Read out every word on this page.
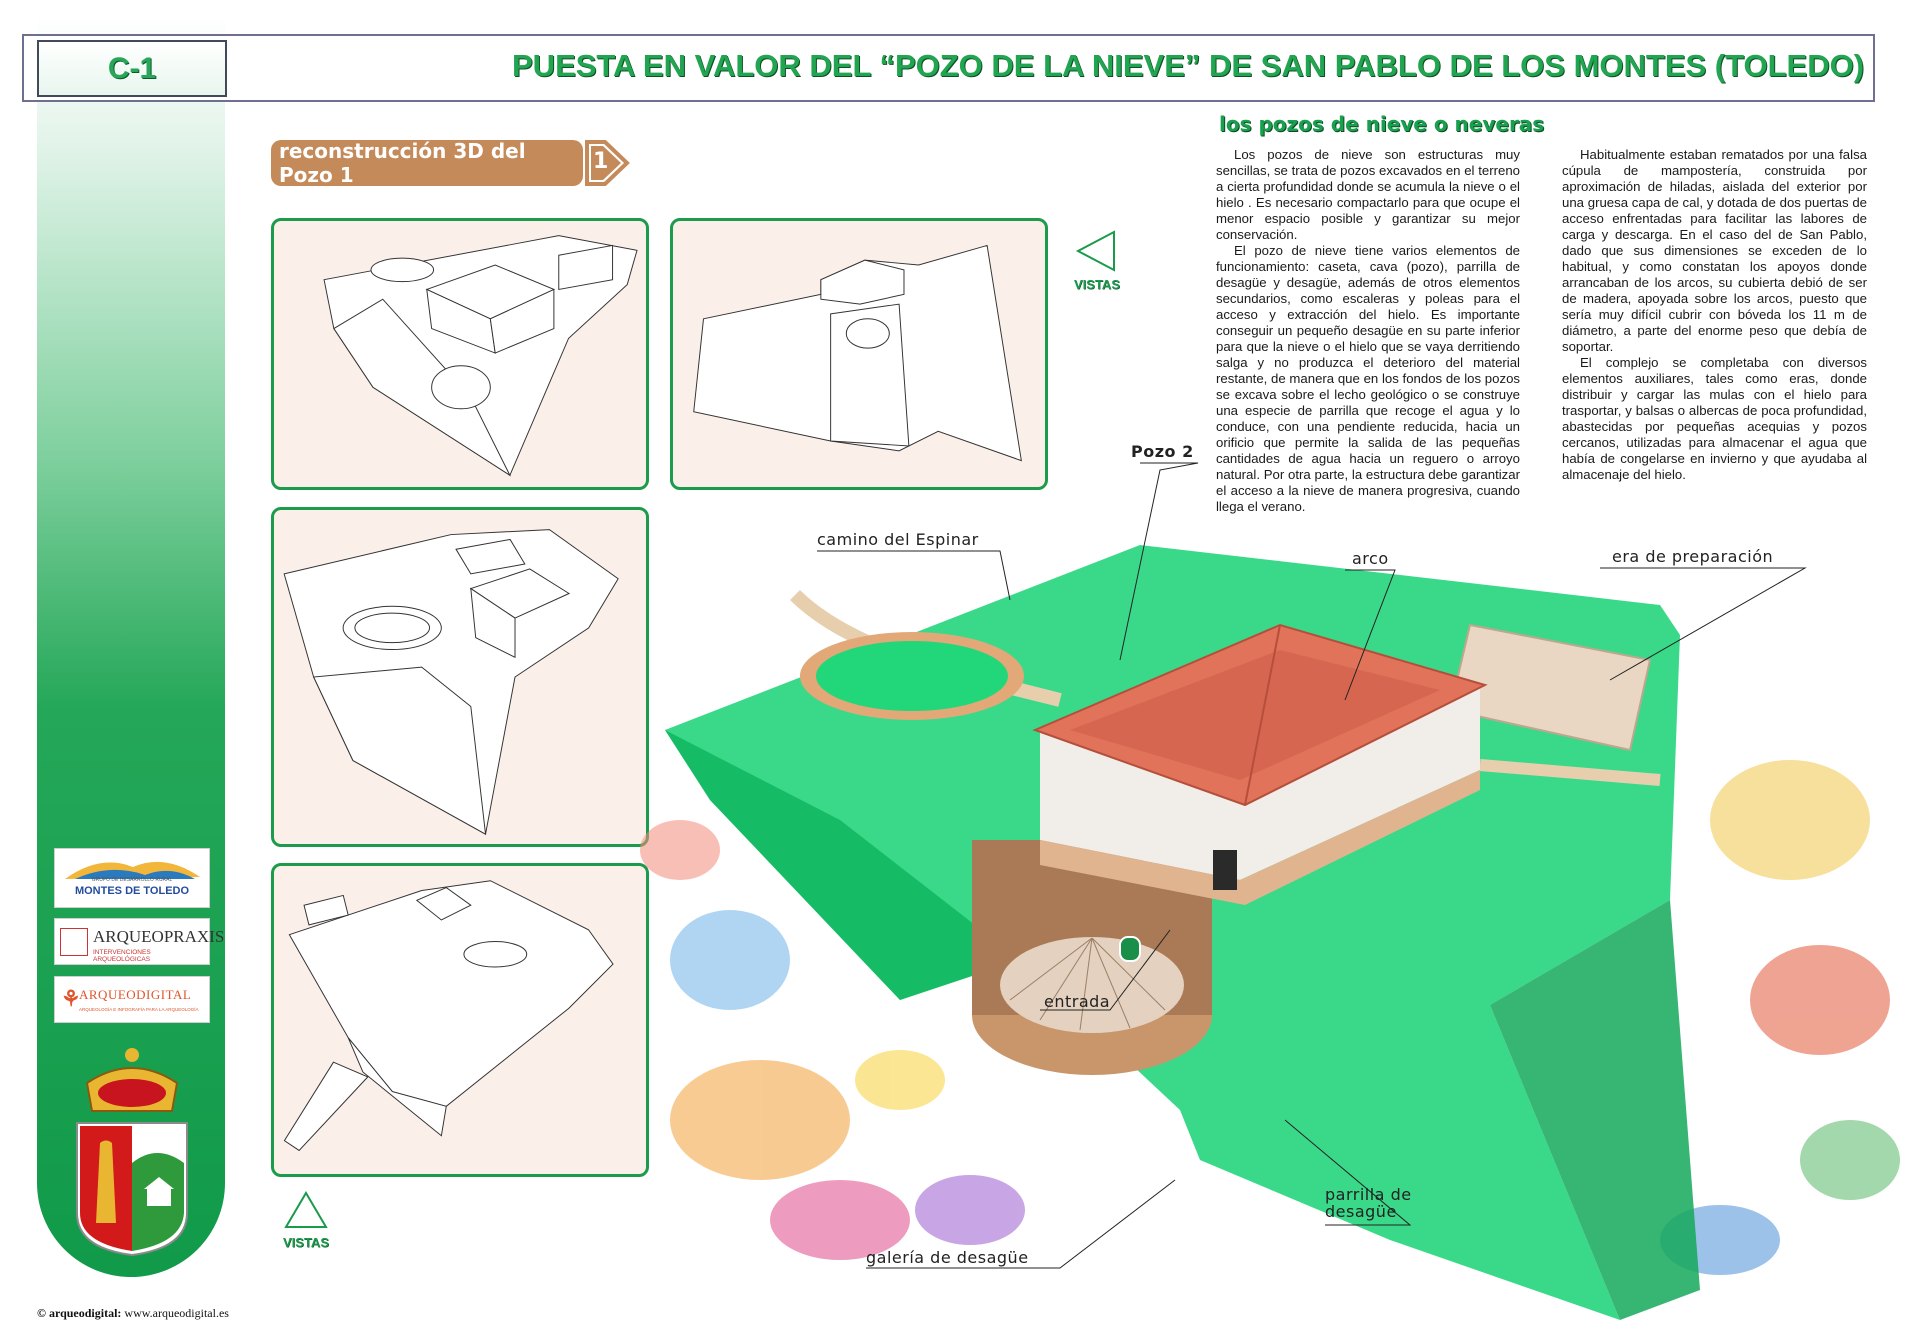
C-1	PUESTA EN VALOR DEL “POZO DE LA NIEVE” DE SAN PABLO DE LOS MONTES (TOLEDO)
reconstrucción 3D del Pozo 1
1
VISTAS
VISTAS
los pozos de nieve o neveras

Los pozos de nieve son estructuras muy sencillas, se trata de pozos excavados en el terreno a cierta profundidad donde se acumula la nieve o el hielo . Es necesario compactarlo para que ocupe el menor espacio posible y garantizar su mejor conservación.

El pozo de nieve tiene varios elementos de funcionamiento: caseta, cava (pozo), parrilla de desagüe y desagüe, además de otros elementos secundarios, como escaleras y poleas para el acceso y extracción del hielo. Es importante conseguir un pequeño desagüe en su parte inferior para que la nieve o el hielo que se vaya derritiendo salga y no produzca el deterioro del material restante, de manera que en los fondos de los pozos se excava sobre el lecho geológico o se construye una especie de parrilla que recoge el agua y lo conduce, con una pendiente reducida, hacia un orificio que permite la salida de las pequeñas cantidades de agua hacia un reguero o arroyo natural. Por otra parte, la estructura debe garantizar el acceso a la nieve de manera progresiva, cuando llega el verano.

Habitualmente estaban rematados por una falsa cúpula de mampostería, construida por aproximación de hiladas, aislada del exterior por una gruesa capa de cal, y dotada de dos puertas de acceso enfrentadas para facilitar las labores de carga y descarga. En el caso del de San Pablo, dado que sus dimensiones se exceden de lo habitual, y como constatan los apoyos donde arrancaban de los arcos, su cubierta debió de ser de madera, apoyada sobre los arcos, puesto que sería muy difícil cubrir con bóveda los 11 m de diámetro, a parte del enorme peso que debía de soportar.

El complejo se completaba con diversos elementos auxiliares, tales como eras, donde distribuir y cargar las mulas con el hielo para trasportar, y balsas o albercas de poca profundidad, abastecidas por pequeñas acequias y pozos cercanos, utilizadas para almacenar el agua que había de congelarse en invierno y que ayudaba al almacenaje del hielo.

Pozo 2
camino del Espinar
arco	era de preparación
entrada
parrilla de
desagüe
galería de desagüe
GRUPO DE DESARROLLO RURAL
MONTES DE TOLEDO
ARQUEOPRAXIS
INTERVENCIONES ARQUEOLÓGICAS
⚘
ARQUEODIGITAL
ARQUEOLOGÍA E INFOGRAFÍA PARA LA ARQUEOLOGÍA
© arqueodigital: www.arqueodigital.es
